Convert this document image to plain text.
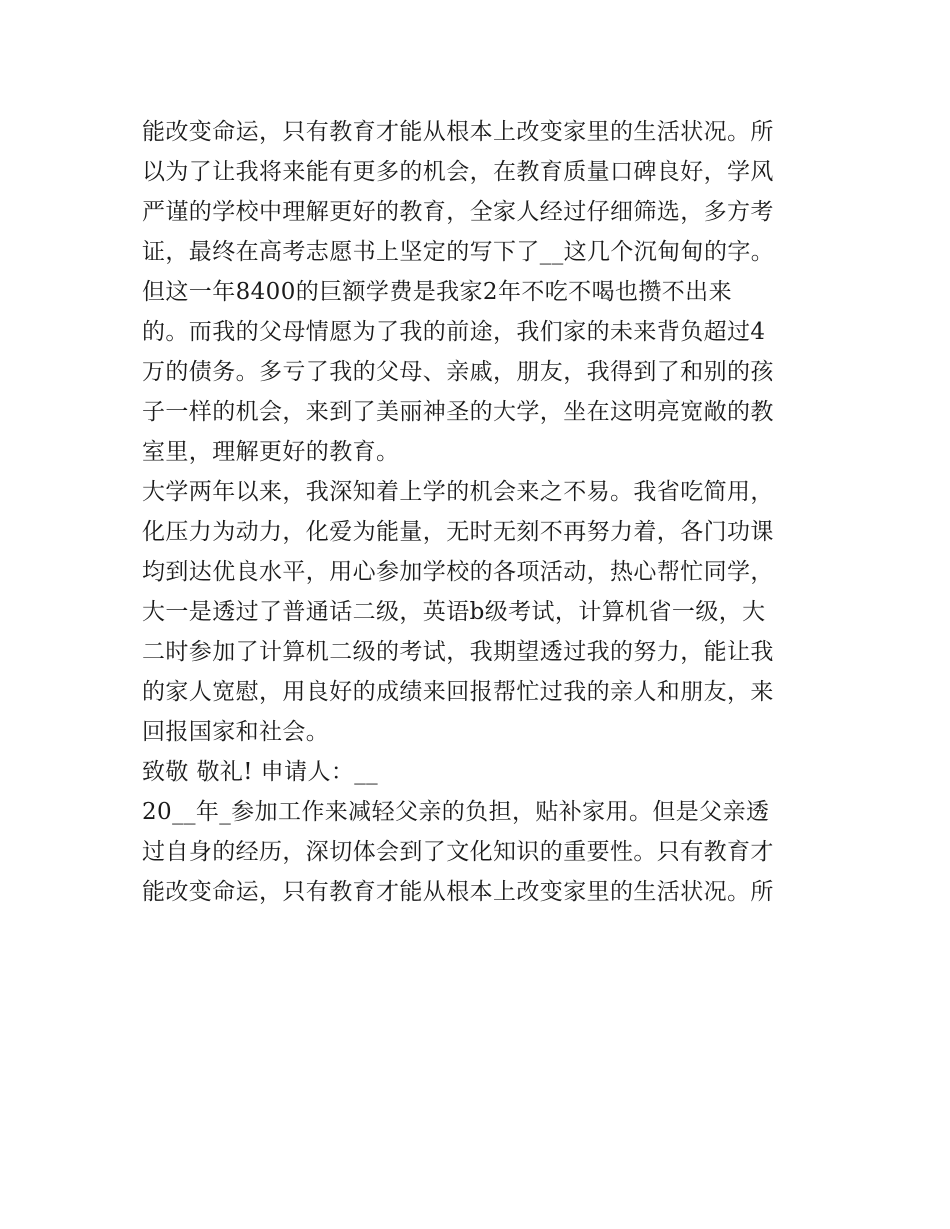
能改变命运，只有教育才能从根本上改变家里的生活状况。所
以为了让我将来能有更多的机会，在教育质量口碑良好，学风
严谨的学校中理解更好的教育，全家人经过仔细筛选，多方考
证，最终在高考志愿书上坚定的写下了__这几个沉甸甸的字。
但这一年8400的巨额学费是我家2年不吃不喝也攒不出来
的。而我的父母情愿为了我的前途，我们家的未来背负超过4
万的债务。多亏了我的父母、亲戚，朋友，我得到了和别的孩
子一样的机会，来到了美丽神圣的大学，坐在这明亮宽敞的教
室里，理解更好的教育。
大学两年以来，我深知着上学的机会来之不易。我省吃简用，
化压力为动力，化爱为能量，无时无刻不再努力着，各门功课
均到达优良水平，用心参加学校的各项活动，热心帮忙同学，
大一是透过了普通话二级，英语b级考试，计算机省一级，大
二时参加了计算机二级的考试，我期望透过我的努力，能让我
的家人宽慰，用良好的成绩来回报帮忙过我的亲人和朋友，来
回报国家和社会。
致敬 敬礼! 申请人：__
20__年_参加工作来减轻父亲的负担，贴补家用。但是父亲透
过自身的经历，深切体会到了文化知识的重要性。只有教育才
能改变命运，只有教育才能从根本上改变家里的生活状况。所
